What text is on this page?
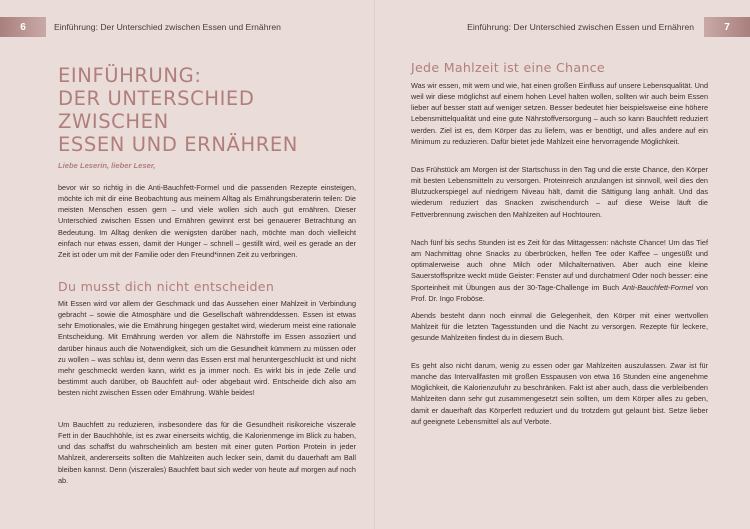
6	Einführung: Der Unterschied zwischen Essen und Ernähren
EINFÜHRUNG:
DER UNTERSCHIED ZWISCHEN
ESSEN UND ERNÄHREN

Liebe Leserin, lieber Leser,

bevor wir so richtig in die Anti-Bauchfett-Formel und die passenden Rezepte einsteigen, möchte ich mit dir eine Beobachtung aus meinem Alltag als Ernährungsberaterin teilen: Die meisten Menschen essen gern – und viele wollen sich auch gut ernähren. Dieser Unterschied zwischen Essen und Ernähren gewinnt erst bei genauerer Betrachtung an Bedeutung. Im Alltag denken die wenigsten darüber nach, möchte man doch vielleicht einfach nur etwas essen, damit der Hunger – schnell – gestillt wird, weil es gerade an der Zeit ist oder um mit der Familie oder den Freund*innen Zeit zu verbringen.

Du musst dich nicht entscheiden

Mit Essen wird vor allem der Geschmack und das Aussehen einer Mahlzeit in Verbindung gebracht – sowie die Atmosphäre und die Gesellschaft währenddessen. Essen ist etwas sehr Emotionales, wie die Ernährung hingegen gestaltet wird, wiederum meist eine rationale Entscheidung. Mit Ernährung werden vor allem die Nährstoffe im Essen assoziiert und darüber hinaus auch die Notwendigkeit, sich um die Gesundheit kümmern zu müssen oder zu wollen – was schlau ist, denn wenn das Essen erst mal heruntergeschluckt ist und nicht mehr geschmeckt werden kann, wirkt es ja immer noch. Es wirkt bis in jede Zelle und bestimmt auch darüber, ob Bauchfett auf- oder abgebaut wird. Entscheide dich also am besten nicht zwischen Essen oder Ernährung. Wähle beides!

Um Bauchfett zu reduzieren, insbesondere das für die Gesundheit risikoreiche viszerale Fett in der Bauchhöhle, ist es zwar einerseits wichtig, die Kalorienmenge im Blick zu haben, und das schaffst du wahrscheinlich am besten mit einer guten Portion Protein in jeder Mahlzeit, andererseits sollten die Mahlzeiten auch lecker sein, damit du dauerhaft am Ball bleiben kannst. Denn (viszerales) Bauchfett baut sich weder von heute auf morgen auf noch ab.

Einführung: Der Unterschied zwischen Essen und Ernähren	7
Jede Mahlzeit ist eine Chance

Was wir essen, mit wem und wie, hat einen großen Einfluss auf unsere Lebensqualität. Und weil wir diese möglichst auf einem hohen Level halten wollen, sollten wir auch beim Essen lieber auf besser statt auf weniger setzen. Besser bedeutet hier beispielsweise eine höhere Lebensmittelqualität und eine gute Nährstoffversorgung – auch so kann Bauchfett reduziert werden. Ziel ist es, dem Körper das zu liefern, was er benötigt, und alles andere auf ein Minimum zu reduzieren. Dafür bietet jede Mahlzeit eine hervorragende Möglichkeit.

Das Frühstück am Morgen ist der Startschuss in den Tag und die erste Chance, den Körper mit besten Lebensmitteln zu versorgen. Proteinreich anzulangen ist sinnvoll, weil dies den Blutzuckerspiegel auf niedrigem Niveau hält, damit die Sättigung lang anhält. Und das wiederum reduziert das Snacken zwischendurch – auf diese Weise läuft die Fettverbrennung zwischen den Mahlzeiten auf Hochtouren.

Nach fünf bis sechs Stunden ist es Zeit für das Mittagessen: nächste Chance! Um das Tief am Nachmittag ohne Snacks zu überbrücken, helfen Tee oder Kaffee – ungesüßt und optimalerweise auch ohne Milch oder Milchalternativen. Aber auch eine kleine Sauerstoffspritze weckt müde Geister: Fenster auf und durchatmen! Oder noch besser: eine Sporteinheit mit Übungen aus der 30-Tage-Challenge im Buch Anti-Bauchfett-Formel von Prof. Dr. Ingo Froböse.

Abends besteht dann noch einmal die Gelegenheit, den Körper mit einer wertvollen Mahlzeit für die letzten Tagesstunden und die Nacht zu versorgen. Rezepte für leckere, gesunde Mahlzeiten findest du in diesem Buch.

Es geht also nicht darum, wenig zu essen oder gar Mahlzeiten auszulassen. Zwar ist für manche das Intervallfasten mit großen Esspausen von etwa 16 Stunden eine angenehme Möglichkeit, die Kalorienzufuhr zu beschränken. Fakt ist aber auch, dass die verbleibenden Mahlzeiten dann sehr gut zusammengesetzt sein sollten, um dem Körper alles zu geben, damit er dauerhaft das Körperfett reduziert und du trotzdem gut gelaunt bist. Setze lieber auf geeignete Lebensmittel als auf Verbote.
